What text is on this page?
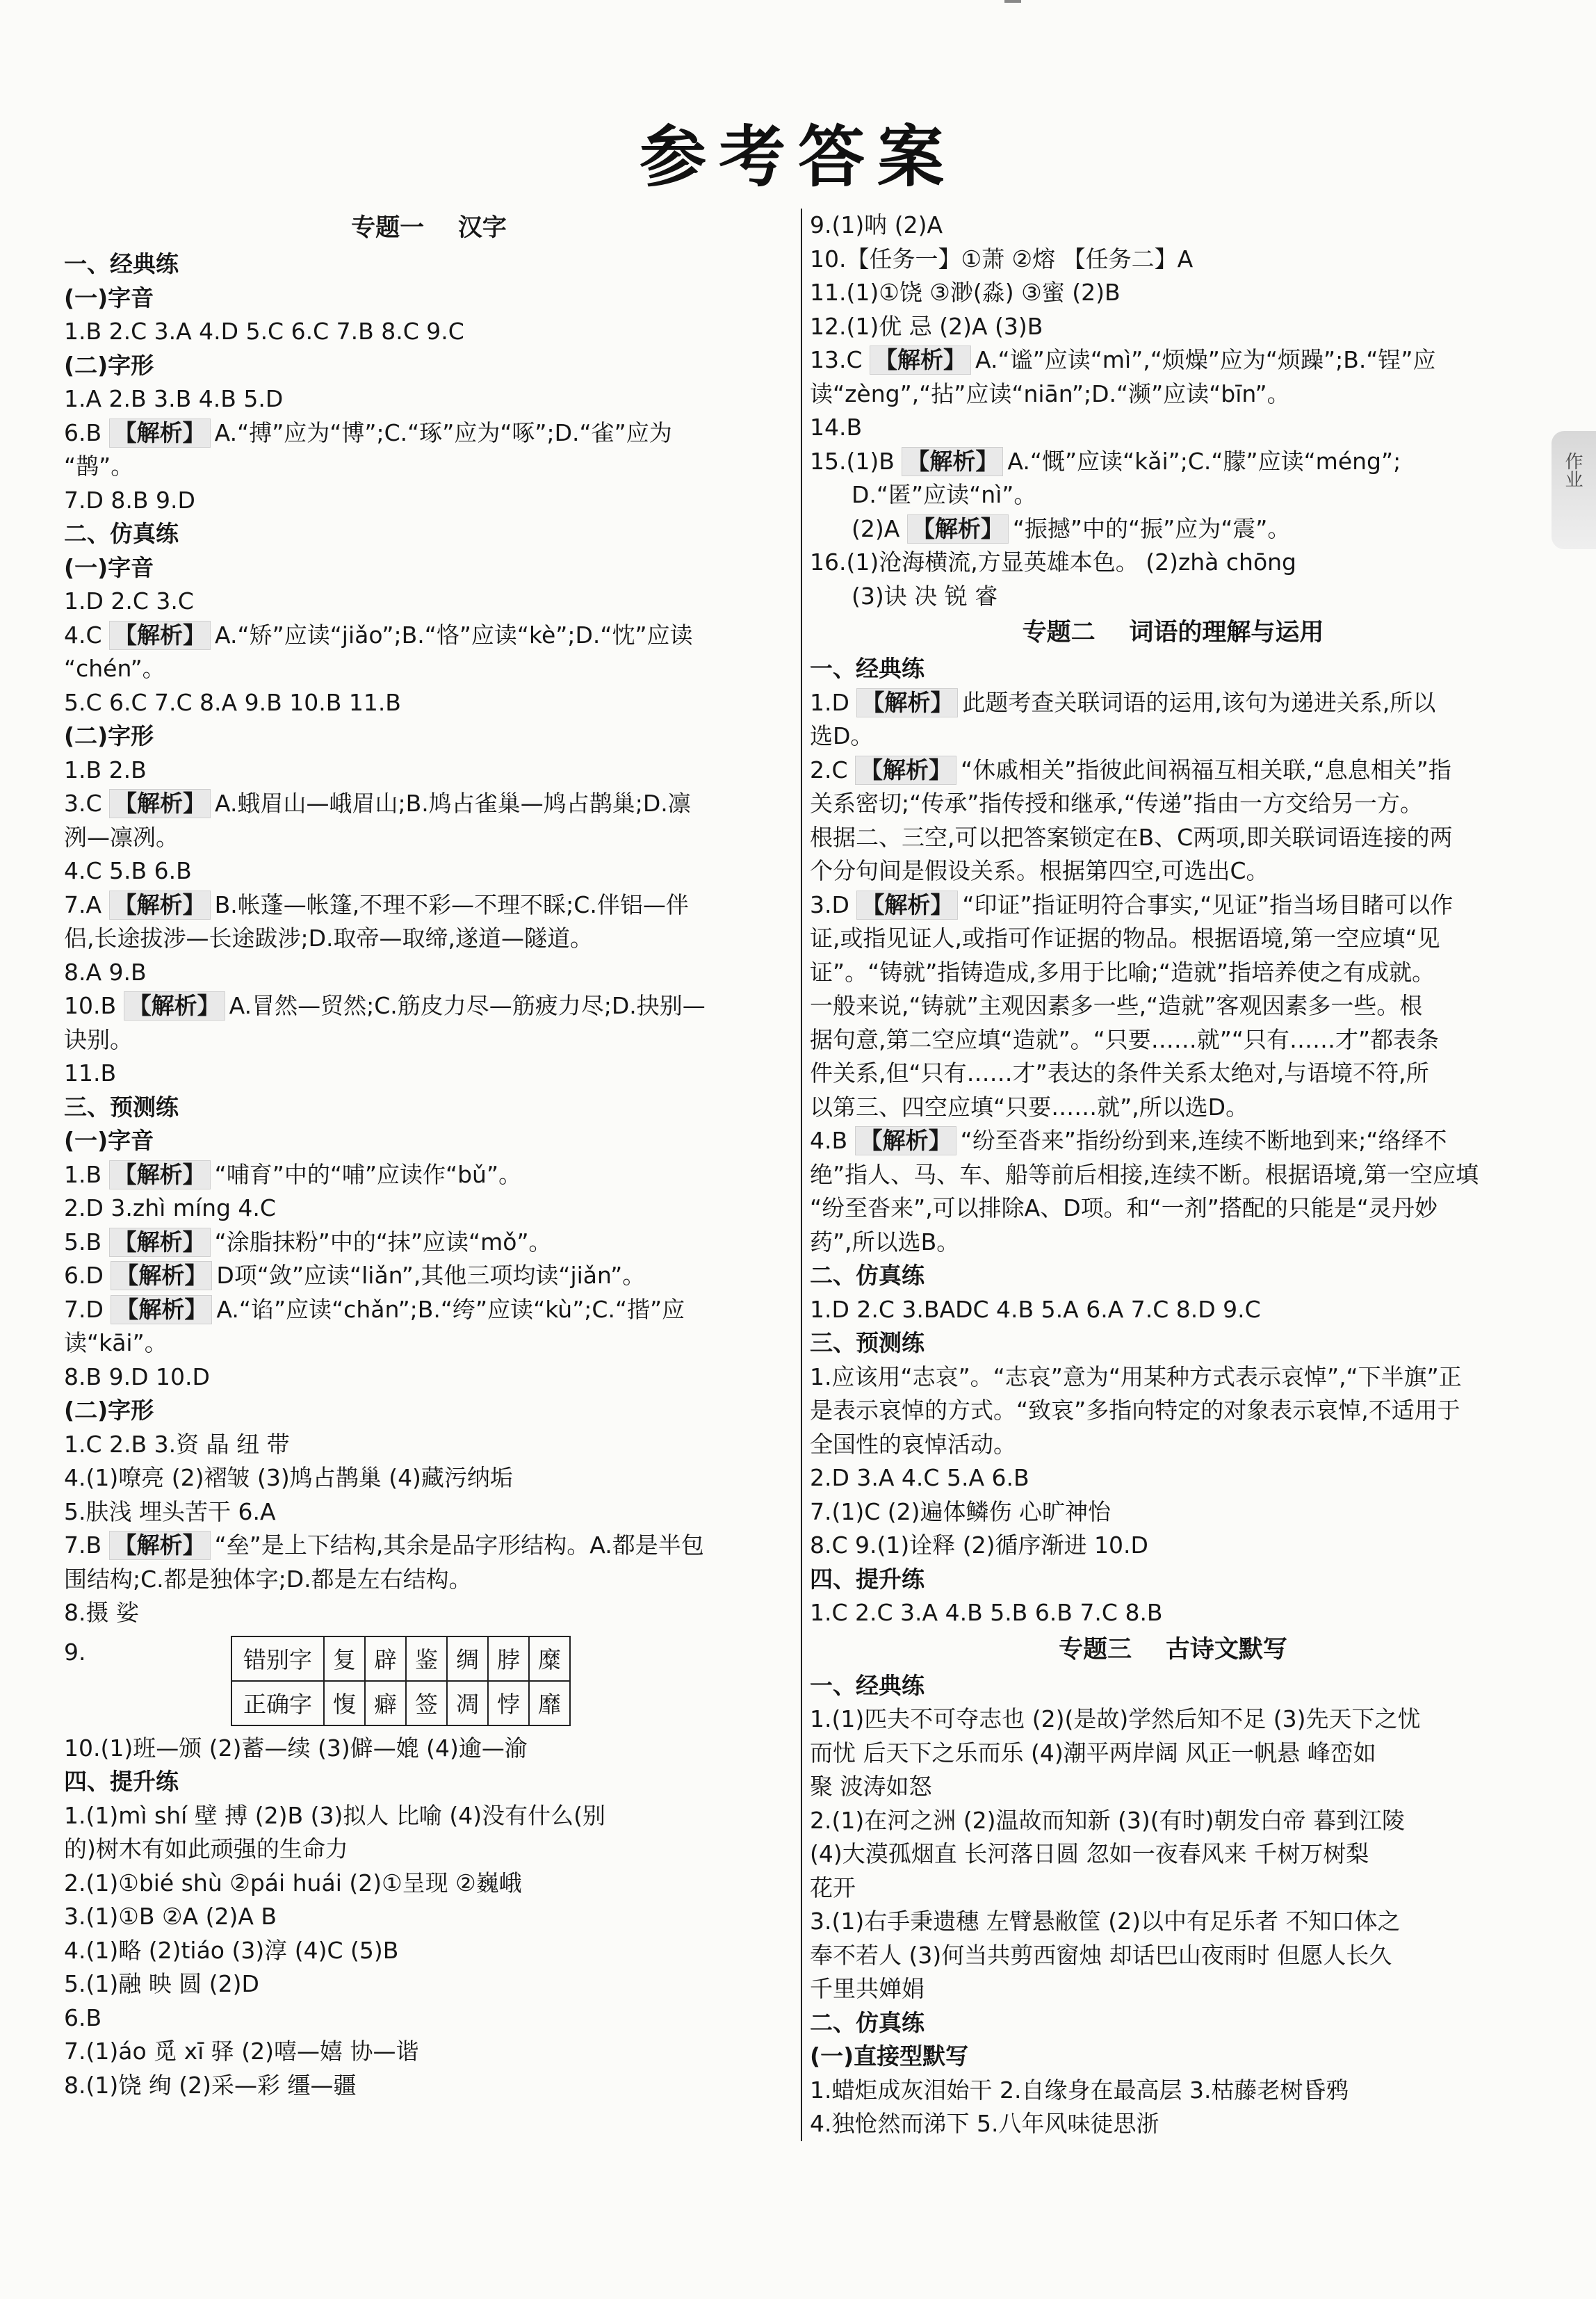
参考答案
专题一    汉字
一、经典练
(一)字音
1.B 2.C 3.A 4.D 5.C 6.C 7.B 8.C 9.C
(二)字形
1.A 2.B 3.B 4.B 5.D
6.B 【解析】 A.“搏”应为“博”;C.“琢”应为“啄”;D.“雀”应为
“鹊”。
7.D 8.B 9.D
二、仿真练
(一)字音
1.D 2.C 3.C
4.C 【解析】 A.“矫”应读“jiǎo”;B.“恪”应读“kè”;D.“忱”应读
“chén”。
5.C 6.C 7.C 8.A 9.B 10.B 11.B
(二)字形
1.B 2.B
3.C 【解析】 A.蛾眉山—峨眉山;B.鸠占雀巢—鸠占鹊巢;D.凛
洌—凛冽。
4.C 5.B 6.B
7.A 【解析】 B.帐蓬—帐篷,不理不彩—不理不睬;C.伴铝—伴
侣,长途拔涉—长途跋涉;D.取帝—取缔,遂道—隧道。
8.A 9.B
10.B 【解析】 A.冒然—贸然;C.筋皮力尽—筋疲力尽;D.抉别—
诀别。
11.B
三、预测练
(一)字音
1.B 【解析】 “哺育”中的“哺”应读作“bǔ”。
2.D 3.zhì míng 4.C
5.B 【解析】 “涂脂抹粉”中的“抹”应读“mǒ”。
6.D 【解析】 D项“敛”应读“liǎn”,其他三项均读“jiǎn”。
7.D 【解析】 A.“谄”应读“chǎn”;B.“绔”应读“kù”;C.“揩”应
读“kāi”。
8.B 9.D 10.D
(二)字形
1.C 2.B 3.资 晶 纽 带
4.(1)嘹亮 (2)褶皱 (3)鸠占鹊巢 (4)藏污纳垢
5.肤浅 埋头苦干 6.A
7.B 【解析】 “垒”是上下结构,其余是品字形结构。A.都是半包
围结构;C.都是独体字;D.都是左右结构。
8.摄 娑
9.	错别字	复	辟	鉴	绸	脖	糜
正确字	愎	癖	签	凋	悖	靡
10.(1)班—颁 (2)蓄—续 (3)僻—媲 (4)逾—渝
四、提升练
1.(1)mì shí 壁 搏 (2)B (3)拟人 比喻 (4)没有什么(别
的)树木有如此顽强的生命力
2.(1)①bié shù ②pái huái (2)①呈现 ②巍峨
3.(1)①B ②A (2)A B
4.(1)略 (2)tiáo (3)淳 (4)C (5)B
5.(1)融 映 圆 (2)D
6.B
7.(1)áo 觅 xī 驿 (2)嘻—嬉 协—谐
8.(1)饶 绚 (2)采—彩 缰—疆
9.(1)呐 (2)A
10.【任务一】①萧 ②熔 【任务二】A
11.(1)①饶 ③渺(淼) ③蜜 (2)B
12.(1)优 忌 (2)A (3)B
13.C 【解析】 A.“谧”应读“mì”,“烦燥”应为“烦躁”;B.“锃”应
读“zèng”,“拈”应读“niān”;D.“濒”应读“bīn”。
14.B
15.(1)B 【解析】 A.“慨”应读“kǎi”;C.“朦”应读“méng”;
D.“匿”应读“nì”。
(2)A 【解析】 “振撼”中的“振”应为“震”。
16.(1)沧海横流,方显英雄本色。 (2)zhà chōng
(3)诀 决 锐 睿
专题二    词语的理解与运用
一、经典练
1.D 【解析】 此题考查关联词语的运用,该句为递进关系,所以
选D。
2.C 【解析】 “休戚相关”指彼此间祸福互相关联,“息息相关”指
关系密切;“传承”指传授和继承,“传递”指由一方交给另一方。
根据二、三空,可以把答案锁定在B、C两项,即关联词语连接的两
个分句间是假设关系。根据第四空,可选出C。
3.D 【解析】 “印证”指证明符合事实,“见证”指当场目睹可以作
证,或指见证人,或指可作证据的物品。根据语境,第一空应填“见
证”。“铸就”指铸造成,多用于比喻;“造就”指培养使之有成就。
一般来说,“铸就”主观因素多一些,“造就”客观因素多一些。根
据句意,第二空应填“造就”。“只要……就”“只有……才”都表条
件关系,但“只有……才”表达的条件关系太绝对,与语境不符,所
以第三、四空应填“只要……就”,所以选D。
4.B 【解析】 “纷至沓来”指纷纷到来,连续不断地到来;“络绎不
绝”指人、马、车、船等前后相接,连续不断。根据语境,第一空应填
“纷至沓来”,可以排除A、D项。和“一剂”搭配的只能是“灵丹妙
药”,所以选B。
二、仿真练
1.D 2.C 3.BADC 4.B 5.A 6.A 7.C 8.D 9.C
三、预测练
1.应该用“志哀”。“志哀”意为“用某种方式表示哀悼”,“下半旗”正
是表示哀悼的方式。“致哀”多指向特定的对象表示哀悼,不适用于
全国性的哀悼活动。
2.D 3.A 4.C 5.A 6.B
7.(1)C (2)遍体鳞伤 心旷神怡
8.C 9.(1)诠释 (2)循序渐进 10.D
四、提升练
1.C 2.C 3.A 4.B 5.B 6.B 7.C 8.B
专题三    古诗文默写
一、经典练
1.(1)匹夫不可夺志也 (2)(是故)学然后知不足 (3)先天下之忧
而忧 后天下之乐而乐 (4)潮平两岸阔 风正一帆悬 峰峦如
聚 波涛如怒
2.(1)在河之洲 (2)温故而知新 (3)(有时)朝发白帝 暮到江陵
(4)大漠孤烟直 长河落日圆 忽如一夜春风来 千树万树梨
花开
3.(1)右手秉遗穗 左臂悬敝筐 (2)以中有足乐者 不知口体之
奉不若人 (3)何当共剪西窗烛 却话巴山夜雨时 但愿人长久
千里共婵娟
二、仿真练
(一)直接型默写
1.蜡炬成灰泪始干 2.自缘身在最高层 3.枯藤老树昏鸦
4.独怆然而涕下 5.八年风味徒思浙
作业
